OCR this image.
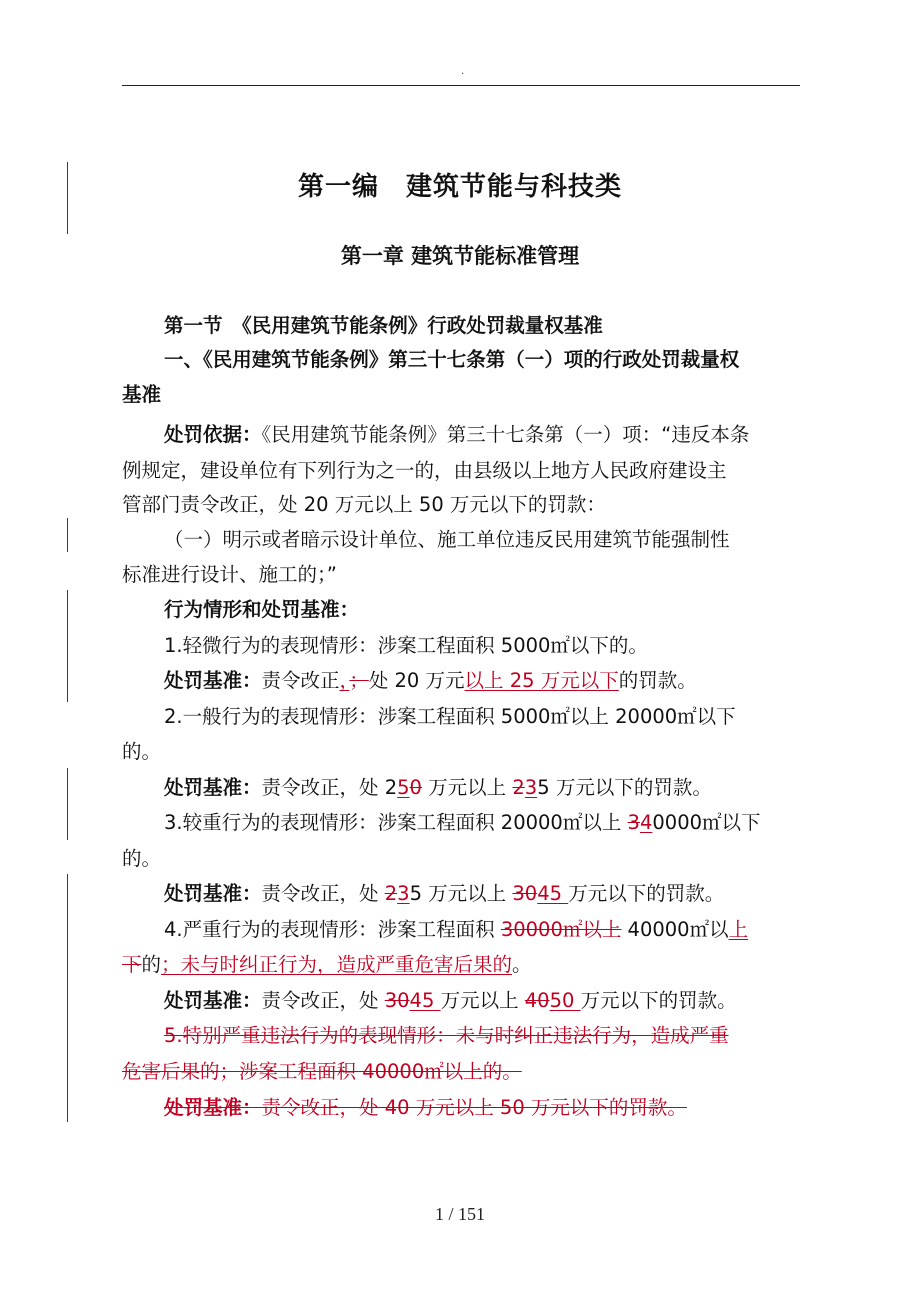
.
第一编　建筑节能与科技类
第一章 建筑节能标准管理
第一节　《民用建筑节能条例》行政处罚裁量权基准
一、《民用建筑节能条例》第三十七条第（一）项的行政处罚裁量权
基准
处罚依据：《民用建筑节能条例》第三十七条第（一）项：“违反本条
例规定，建设单位有下列行为之一的，由县级以上地方人民政府建设主
管部门责令改正，处 20 万元以上 50 万元以下的罚款：
（一）明示或者暗示设计单位、施工单位违反民用建筑节能强制性
标准进行设计、施工的；”
行为情形和处罚基准：
1.轻微行为的表现情形：涉案工程面积 5000㎡以下的。
处罚基准：责令改正，；处 20 万元以上 25 万元以下的罚款。
2.一般行为的表现情形：涉案工程面积 5000㎡以上 20000㎡以下
的。
处罚基准：责令改正，处 250 万元以上 235 万元以下的罚款。
3.较重行为的表现情形：涉案工程面积 20000㎡以上 340000㎡以下
的。
处罚基准：责令改正，处 235 万元以上 3045 万元以下的罚款。
4.严重行为的表现情形：涉案工程面积 30000㎡以上 40000㎡以上
下的；未与时纠正行为，造成严重危害后果的。
处罚基准：责令改正，处 3045 万元以上 4050 万元以下的罚款。
5.特别严重违法行为的表现情形：未与时纠正违法行为，造成严重
危害后果的；涉案工程面积 40000㎡以上的。
处罚基准：责令改正，处 40 万元以上 50 万元以下的罚款。
1 / 151
